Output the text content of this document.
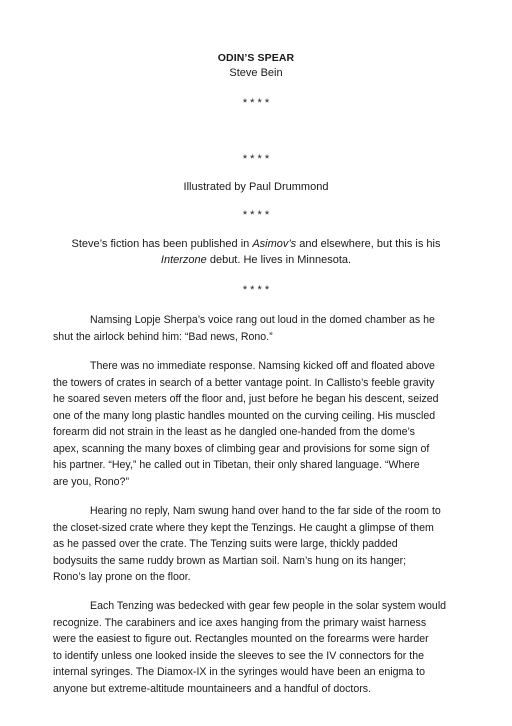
ODIN’S SPEAR
Steve Bein
* * * *
* * * *
Illustrated by Paul Drummond
* * * *
Steve’s fiction has been published in Asimov’s and elsewhere, but this is his
Interzone debut. He lives in Minnesota.
* * * *
Namsing Lopje Sherpa’s voice rang out loud in the domed chamber as he
shut the airlock behind him: “Bad news, Rono.”
There was no immediate response. Namsing kicked off and floated above
the towers of crates in search of a better vantage point. In Callisto’s feeble gravity
he soared seven meters off the floor and, just before he began his descent, seized
one of the many long plastic handles mounted on the curving ceiling. His muscled
forearm did not strain in the least as he dangled one-handed from the dome’s
apex, scanning the many boxes of climbing gear and provisions for some sign of
his partner. “Hey,” he called out in Tibetan, their only shared language. “Where
are you, Rono?”
Hearing no reply, Nam swung hand over hand to the far side of the room to
the closet-sized crate where they kept the Tenzings. He caught a glimpse of them
as he passed over the crate. The Tenzing suits were large, thickly padded
bodysuits the same ruddy brown as Martian soil. Nam’s hung on its hanger;
Rono’s lay prone on the floor.
Each Tenzing was bedecked with gear few people in the solar system would
recognize. The carabiners and ice axes hanging from the primary waist harness
were the easiest to figure out. Rectangles mounted on the forearms were harder
to identify unless one looked inside the sleeves to see the IV connectors for the
internal syringes. The Diamox-IX in the syringes would have been an enigma to
anyone but extreme-altitude mountaineers and a handful of doctors.
